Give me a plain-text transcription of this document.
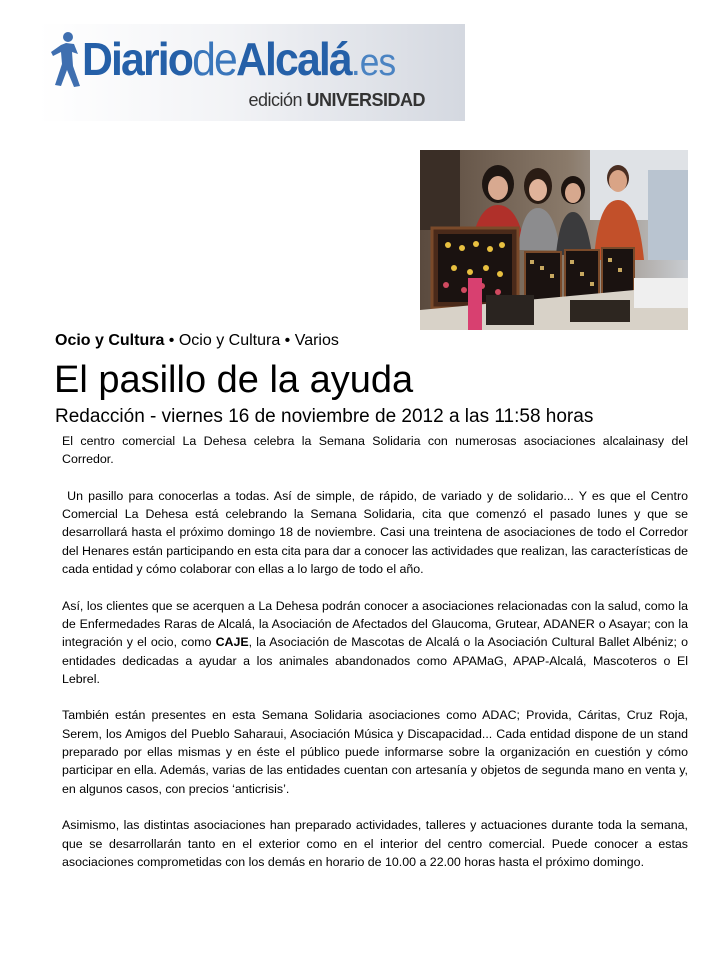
DiariodeAlcalá.es
edición UNIVERSIDAD
Ocio y Cultura • Ocio y Cultura • Varios
El pasillo de la ayuda
Redacción - viernes 16 de noviembre de 2012 a las 11:58 horas

El centro comercial La Dehesa celebra la Semana Solidaria con numerosas asociaciones alcalainasy del Corredor.

Un pasillo para conocerlas a todas. Así de simple, de rápido, de variado y de solidario... Y es que el Centro Comercial La Dehesa está celebrando la Semana Solidaria, cita que comenzó el pasado lunes y que se desarrollará hasta el próximo domingo 18 de noviembre. Casi una treintena de asociaciones de todo el Corredor del Henares están participando en esta cita para dar a conocer las actividades que realizan, las características de cada entidad y cómo colaborar con ellas a lo largo de todo el año.

Así, los clientes que se acerquen a La Dehesa podrán conocer a asociaciones relacionadas con la salud, como la de Enfermedades Raras de Alcalá, la Asociación de Afectados del Glaucoma, Grutear, ADANER o Asayar; con la integración y el ocio, como CAJE, la Asociación de Mascotas de Alcalá o la Asociación Cultural Ballet Albéniz; o entidades dedicadas a ayudar a los animales abandonados como APAMaG, APAP-Alcalá, Mascoteros o El Lebrel.

También están presentes en esta Semana Solidaria asociaciones como ADAC; Provida, Cáritas, Cruz Roja, Serem, los Amigos del Pueblo Saharaui, Asociación Música y Discapacidad... Cada entidad dispone de un stand preparado por ellas mismas y en éste el público puede informarse sobre la organización en cuestión y cómo participar en ella. Además, varias de las entidades cuentan con artesanía y objetos de segunda mano en venta y, en algunos casos, con precios ‘anticrisis’.

Asimismo, las distintas asociaciones han preparado actividades, talleres y actuaciones durante toda la semana, que se desarrollarán tanto en el exterior como en el interior del centro comercial. Puede conocer a estas asociaciones comprometidas con los demás en horario de 10.00 a 22.00 horas hasta el próximo domingo.
